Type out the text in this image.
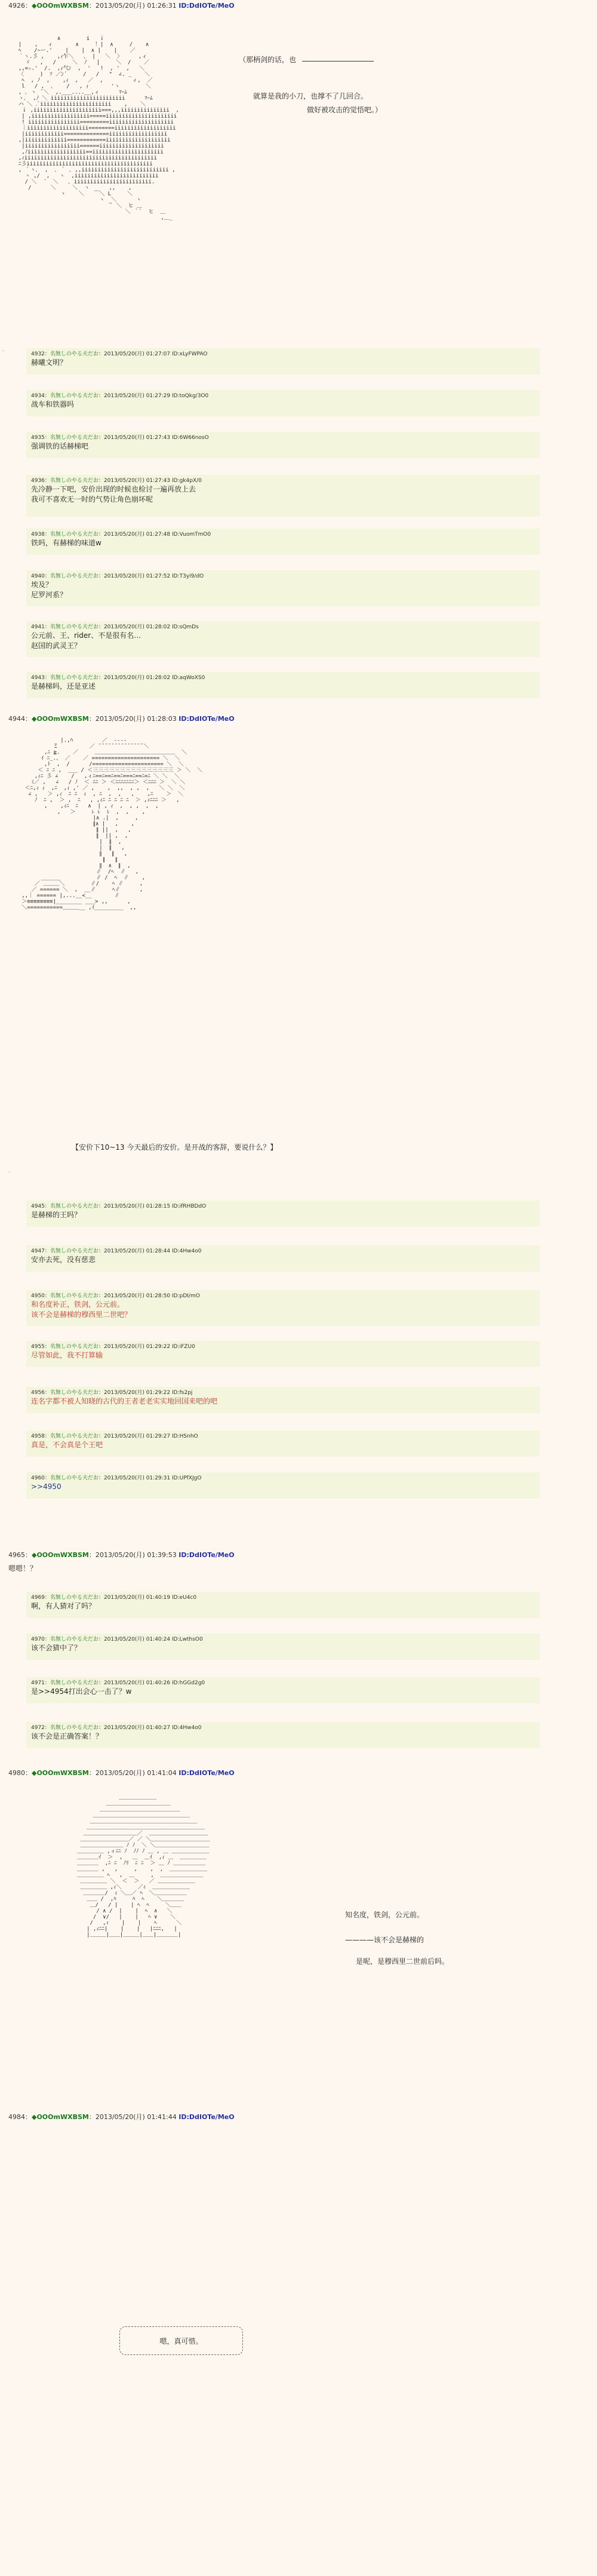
4926：◆OOOmWXBSM：2013/05/20(月) 01:26:31 ID:DdIOTe/MeO
∧        i   ｉ
|    ,   ィ       ∧     ！|  ∧     /    ∧
ﾍ    /~ー.'    |    |  ∧ |    |    ／
｀ヽ.彡 ,    ,ｨ乍＼   、 |   ＼  〉     ,ィ
ゞ   ,   /     ＼  ﾉ   |     ＼  /    ／
,,=☆.'  /.  ,ｨ气ﾝ  ,  '   !  , '  ,   ＼
〈     )  ｿ ／ﾝ´     /   /   "  ∠. _    ＼
ﾍ  , ﾉ  ,    ,ｨ  ,   ／  ,         ィ,  ／
l   / ,  ､    /   , ｨ       'ヽ        ＼
, ､ ヽ  ﾞ＼  ,.___....__,ィ      ﾏｰﾑ
ヽ､  ,ﾉ ＼ iiiiiiiiiiiiiiiiiiiiiii      ﾏｰﾑ
ハ ＼ .ﾞiiiiiiiiiiiiiiiiiiiiii    ,    ＼
ｉ ,iiiiiiiiiiiiiiiiiiiii===,,,iiiiiiiiiiiiiii  ,
| ,iiiiiiiiiiiiiiiiii=====iiiiiiiiiiiiiiiiiiiiii
! iiiiiiiiiiiiiiii=========iiiiiiiiiiiiiiiiiiii
｜iiiiiiiiiiiiiiiiiii========iiiiiiiiiiiiiiiiiii
|iiiiiiiiiiii==============iiiiiiiiiiiiiiiiii
,|iiiiiiiiiiiii============iiiiiiiiiiiiiiiiiiii
|iiiiiiiiiiiiiiiii======iiiiiiiiiiiiiiiiiiii
,ﾉiiiiiiiiiiiiiiiiii==iiiiiiiiiiiiiiiiiiiiii
,ｨiiiiiiiiiiiiiiiiiiiiiiiiiiiiiiiiiiiiiiiii
ﾆ彡iiiiiiiiiiiiiiiiiiiiiiiiiiiiiiiiiiiiiii
, ｀ヽ､  ,  ､ ｀ ､ ,,iiiiiiiiiiiiiiiiiiiiiiiiiii ,
ヽ ,/  ,   ヽ  ,iiiiiiiiiiiiiiiiiiiiiiiiii
/ ＼  ´  ＼   ､ iiiiiiiiiiiiiiiiiiiiiiii.
/      ＼     ＼  ヽ      ,,    ,
ヽ    ＼   ￣＼ L     ＼
ヽ  ＼      ヽ
゙ﾞ ＼  ヒ ＿
＼ ｀ﾞ  ヒ  ＿
,＿_
（那柄剑的话，也
就算是我的小刀，也撑不了几回合。
做好被攻击的觉悟吧。）
·	4932：名無しのやる夫だお：2013/05/20(月) 01:27:07 ID:xLyFWPAO
赫曦文明？
4934：名無しのやる夫だお：2013/05/20(月) 01:27:29 ID:toQkg/3O0
战车和铁器吗
4935：名無しのやる夫だお：2013/05/20(月) 01:27:43 ID:6W66nosO
强调铁的话赫梯吧
4936：名無しのやる夫だお：2013/05/20(月) 01:27:43 ID:gk4pX/0
先冷静一下吧，安价出现的时候也检讨一遍再放上去
我可不喜欢无一时的气势让角色崩坏呢
4938：名無しのやる夫だお：2013/05/20(月) 01:27:48 ID:VuomTmO0
铁吗，有赫梯的味道w
4940：名無しのやる夫だお：2013/05/20(月) 01:27:52 ID:T3yi9/dO
埃及？
尼罗河系？
4941：名無しのやる夫だお：2013/05/20(月) 01:28:02 ID:sQmDs
公元前、王、rider、不是很有名…
赵国的武灵王？
4943：名無しのやる夫だお：2013/05/20(月) 01:28:02 ID:aqWoXS0
是赫梯吗，还是亚述
4944：◆OOOmWXBSM：2013/05/20(月) 01:28:03 ID:DdIOTe/MeO
|.,ﾊ         ／  ----
Ξ          ／ ̄ ̄ ̄ ̄ ̄ ̄ ̄ ̄ ̄ ̄ ̄ ̄ ̄ ̄ ＼
,ﾆ ≧.    ／     ＿＿＿＿＿＿＿＿＿＿＿＿＿＿＿  ＼
ｲ ﾆ_.、 ／    ／ ===================== ＼  ＼
,ﾄ  ,  /      /====================== ＼  ＼
＜ ﾆ ﾆ ,  ___ / ＜三三三三三三三三三三三三三三三 ＞ ＼  ＼
,ｨﾆ 彡 ∠    /   ,ィﾆ==ﾆ==ﾆ==ﾆ===ﾆ==ﾆ=ﾆ ＼ ＼  ＼
ﾐ／ ,   ∠   / ﾉ  ＜ ﾆﾆ ＞ ＜ﾆﾆﾆﾆﾆﾆﾆ＞ ＜ﾆﾆﾆ ＞  ＼ ＼
＜ﾆ,ｨ ｨ  ,ﾆ  ,ｨ ,' ／ ,    ,  ,,  , ,  ,   ＼ ＼  ＼
∠ ,   ＞ ,ｨ  ﾆ ﾆ  ｨ  , ﾆ  ,  ,   ,    ,ﾆ    ＞  ＼
ﾉ  ﾆ ,  ＞ ,  ﾆ   , ,ｨﾆ ﾆ ﾆ ﾆ ﾆ  ＞ ,ｨﾆﾆﾆ ＞   ,
,    ,ｨﾆ  ﾆ   ∧  | , ｨ  ,  , ,  ,  ,
,   ＞     ﾚ ﾚ  ﾚ  ,  ,    ,
|∧ .|  ,     ,
∥∧ |   ,    ,
∥ ||  ,   ,
∥  || ,  ,
|  ∥  ,
|  ∥   ,
∥   ∥   ,
∥   ∥
∥  ∧  ∥  ,
∥  /ﾍ  ∥   ,
______           ∥ /  ﾍ  ∥    ,
／ ＿＿＿＼        ∥/    ﾍ ∥     ,
／ ====== ＼  ,  __∥     ﾍ∥      ,
,,｜ ====== |,...__<__       ∥
＞≡≡≡≡≡≡≡≡|________ ___> ,,      ,
＼===========＿＿＿__ ,ｲ_________  ,,
【安价下10~13 今天最后的安价。是开战的客辞，要说什么？】
·
4945：名無しのやる夫だお：2013/05/20(月) 01:28:15 ID:ifRHBDdO
是赫梯的王吗？
4947：名無しのやる夫だお：2013/05/20(月) 01:28:44 ID:4Hw4o0
安亦去死，没有慈悲
4950：名無しのやる夫だお：2013/05/20(月) 01:28:50 ID:pDI/mO
和名度补正，铁剑，公元前。
该不会是赫梯的穆西里二世吧？
4955：名無しのやる夫だお：2013/05/20(月) 01:29:22 ID:iFZU0
尽管如此，我不打算输
4956：名無しのやる夫だお：2013/05/20(月) 01:29:22 ID:fs2pj
连名字都不被人知晓的古代的王者老老实实地回国来吧的吧
4958：名無しのやる夫だお：2013/05/20(月) 01:29:27 ID:HSnhO
真是，不会真是个王吧
4960：名無しのやる夫だお：2013/05/20(月) 01:29:31 ID:UPfXJgO
>>4950
4965：◆OOOmWXBSM：2013/05/20(月) 01:39:53 ID:DdIOTe/MeO
嗯嗯！？
4969：名無しのやる夫だお：2013/05/20(月) 01:40:19 ID:eU4c0
啊，有人猜对了吗？
4970：名無しのやる夫だお：2013/05/20(月) 01:40:24 ID:LwthsO0
该不会猜中了？
4971：名無しのやる夫だお：2013/05/20(月) 01:40:26 ID:hGGd2g0
是>>4954打出会心一击了？w
4972：名無しのやる夫だお：2013/05/20(月) 01:40:27 ID:4Hw4o0
该不会是正确答案！？
4980：◆OOOmWXBSM：2013/05/20(月) 01:41:04 ID:DdIOTe/MeO
＿＿＿＿＿＿＿
＿＿＿＿＿＿＿＿＿＿＿＿
＿＿＿＿＿＿＿＿＿＿＿＿＿＿＿
＿＿＿＿＿＿＿＿＿＿＿＿＿＿＿＿＿＿
＿＿＿＿＿＿＿＿＿＿＿＿＿＿＿＿＿＿＿＿
＿＿＿＿＿＿＿＿＿＿＿＿＿＿＿＿＿＿＿＿＿＿
＿＿＿＿＿＿＿＿＿＿／  ＿＿＿＿＿＿＿＿＿＿＿
＿＿＿＿＿＿＿＿＿／ ／ ＼＿＿＿＿＿＿＿＿＿＿＿
＿＿＿＿＿＿＿＿ ﾉ ﾉ  ＼ ＼＿＿＿＿＿＿＿＿＿＿
＿＿＿＿＿ ,ィﾆﾆ ﾉ  ﾉﾉ ﾉ ＿ , ＿ ＿＿＿＿＿＿＿
＿＿＿＿ｲ  ＞  ,   ＿  ＿ｲ  ,ｨ ＿  ＿＿＿＿＿
＿＿＿＿  ,ﾆ ﾆ  ﾉﾘ  ﾆ ﾆ  ＞ ＿ ﾉ ＿＿＿＿＿＿
＿＿＿＿ ,   ,     ,    ,  ,  ＿＿＿＿＿＿＿
＿＿＿＿＿ ﾍ   ,  ＿     ,  ＿＿＿＿＿＿＿＿
＿＿＿＿＿ ＼  ＜  ＞   ／ ＿＿＿＿＿＿＿
＿＿＿＿＿ ,ｨ＼     ／ｨ  ＿＿＿＿＿＿＿
＿＿＿＿/  ｨ ＼＿／ ﾍ  ＼＿＿＿＿＿＿
＿＿ /  ,ﾊ     ﾊ  ﾍ    ＼＿＿＿＿
＿/   / |    | ﾍ  ﾍ     ＼＿＿
/ ∧ /  |    |  ﾍ  ∧   ＼
/  ∨/   |    |   ﾍ ∨    ＼
/   ,ｨ    |    |    ﾍ      ＼
| ,ｨﾆﾆ|    |    |   |ﾆﾆﾆ,   |
|＿＿＿|＿＿|＿＿＿|＿＿|＿＿＿＿|
知名度，铁剑，公元前。
————该不会是赫梯的
是呢，是穆西里二世前后吗。
4984：◆OOOmWXBSM：2013/05/20(月) 01:41:44 ID:DdIOTe/MeO
嗯，真可惜。
